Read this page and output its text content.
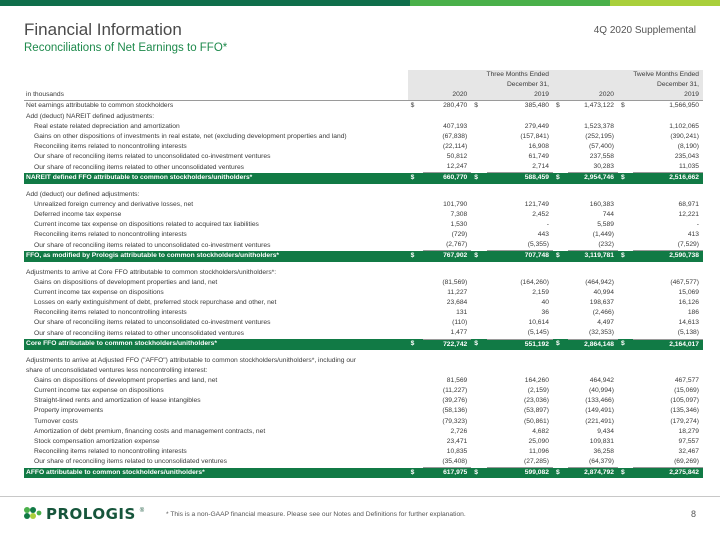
Financial Information
Reconciliations of Net Earnings to FFO*
4Q 2020 Supplemental
				Three Months Ended				Twelve Months Ended
				December 31,				December 31,
in thousands		2020		2019		2020		2019
Net earnings attributable to common stockholders	$	280,470	$	385,480	$	1,473,122	$	1,566,950
Add (deduct) NAREIT defined adjustments:								
Real estate related depreciation and amortization		407,193		279,449		1,523,378		1,102,065
Gains on other dispositions of investments in real estate, net (excluding development properties and land)		(67,838)		(157,841)		(252,195)		(390,241)
Reconciling items related to noncontrolling interests		(22,114)		16,908		(57,400)		(8,190)
Our share of reconciling items related to unconsolidated co-investment ventures		50,812		61,749		237,558		235,043
Our share of reconciling items related to other unconsolidated ventures		12,247		2,714		30,283		11,035
NAREIT defined FFO attributable to common stockholders/unitholders*	$	660,770	$	588,459	$	2,954,746	$	2,516,662

Add (deduct) our defined adjustments:								
Unrealized foreign currency and derivative losses, net		101,790		121,749		160,383		68,971
Deferred income tax expense		7,308		2,452		744		12,221
Current income tax expense on dispositions related to acquired tax liabilities		1,530		-		5,589		-
Reconciling items related to noncontrolling interests		(729)		443		(1,449)		413
Our share of reconciling items related to unconsolidated co-investment ventures		(2,767)		(5,355)		(232)		(7,529)
FFO, as modified by Prologis attributable to common stockholders/unitholders*	$	767,902	$	707,748	$	3,119,781	$	2,590,738

Adjustments to arrive at Core FFO attributable to common stockholders/unitholders*:								
Gains on dispositions of development properties and land, net		(81,569)		(164,260)		(464,942)		(467,577)
Current income tax expense on dispositions		11,227		2,159		40,994		15,069
Losses on early extinguishment of debt, preferred stock repurchase and other, net		23,684		40		198,637		16,126
Reconciling items related to noncontrolling interests		131		36		(2,466)		186
Our share of reconciling items related to unconsolidated co-investment ventures		(110)		10,614		4,497		14,613
Our share of reconciling items related to other unconsolidated ventures		1,477		(5,145)		(32,353)		(5,138)
Core FFO attributable to common stockholders/unitholders*	$	722,742	$	551,192	$	2,864,148	$	2,164,017

Adjustments to arrive at Adjusted FFO ("AFFO") attributable to common stockholders/unitholders*, including our								
share of unconsolidated ventures less noncontrolling interest:								
Gains on dispositions of development properties and land, net		81,569		164,260		464,942		467,577
Current income tax expense on dispositions		(11,227)		(2,159)		(40,994)		(15,069)
Straight-lined rents and amortization of lease intangibles		(39,276)		(23,036)		(133,466)		(105,097)
Property improvements		(58,136)		(53,897)		(149,491)		(135,346)
Turnover costs		(79,323)		(50,861)		(221,491)		(179,274)
Amortization of debt premium, financing costs and management contracts, net		2,726		4,682		9,434		18,279
Stock compensation amortization expense		23,471		25,090		109,831		97,557
Reconciling items related to noncontrolling interests		10,835		11,096		36,258		32,467
Our share of reconciling items related to unconsolidated ventures		(35,408)		(27,285)		(64,379)		(69,269)
AFFO attributable to common stockholders/unitholders*	$	617,975	$	599,082	$	2,874,792	$	2,275,842
PROLOGIS ®	* This is a non-GAAP financial measure. Please see our Notes and Definitions for further explanation.	8
